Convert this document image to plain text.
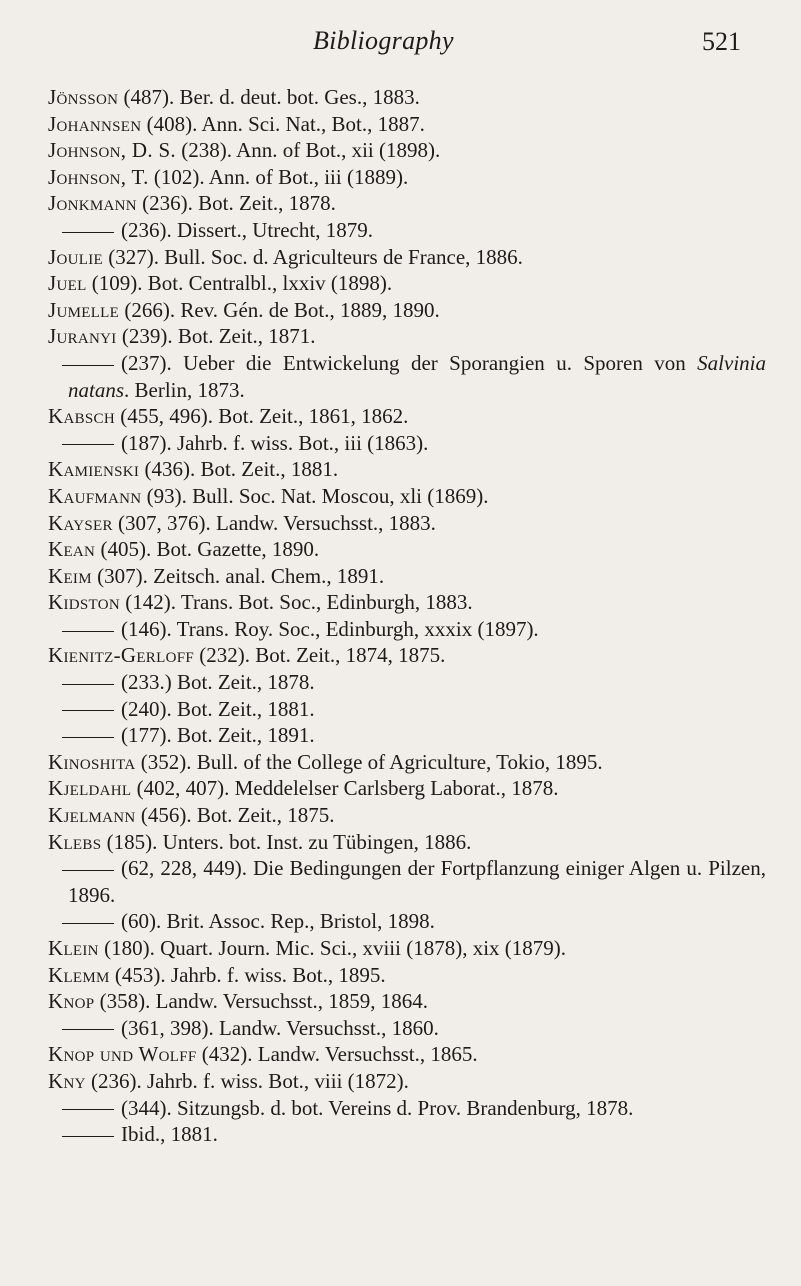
Bibliography	521
Jönsson (487). Ber. d. deut. bot. Ges., 1883.
Johannsen (408). Ann. Sci. Nat., Bot., 1887.
Johnson, D. S. (238). Ann. of Bot., xii (1898).
Johnson, T. (102). Ann. of Bot., iii (1889).
Jonkmann (236). Bot. Zeit., 1878.
(236). Dissert., Utrecht, 1879.
Joulie (327). Bull. Soc. d. Agriculteurs de France, 1886.
Juel (109). Bot. Centralbl., lxxiv (1898).
Jumelle (266). Rev. Gén. de Bot., 1889, 1890.
Juranyi (239). Bot. Zeit., 1871.
(237). Ueber die Entwickelung der Sporangien u. Sporen von Salvinia natans. Berlin, 1873.
Kabsch (455, 496). Bot. Zeit., 1861, 1862.
(187). Jahrb. f. wiss. Bot., iii (1863).
Kamienski (436). Bot. Zeit., 1881.
Kaufmann (93). Bull. Soc. Nat. Moscou, xli (1869).
Kayser (307, 376). Landw. Versuchsst., 1883.
Kean (405). Bot. Gazette, 1890.
Keim (307). Zeitsch. anal. Chem., 1891.
Kidston (142). Trans. Bot. Soc., Edinburgh, 1883.
(146). Trans. Roy. Soc., Edinburgh, xxxix (1897).
Kienitz-Gerloff (232). Bot. Zeit., 1874, 1875.
(233.) Bot. Zeit., 1878.
(240). Bot. Zeit., 1881.
(177). Bot. Zeit., 1891.
Kinoshita (352). Bull. of the College of Agriculture, Tokio, 1895.
Kjeldahl (402, 407). Meddelelser Carlsberg Laborat., 1878.
Kjelmann (456). Bot. Zeit., 1875.
Klebs (185). Unters. bot. Inst. zu Tübingen, 1886.
(62, 228, 449). Die Bedingungen der Fortpflanzung einiger Algen u. Pilzen, 1896.
(60). Brit. Assoc. Rep., Bristol, 1898.
Klein (180). Quart. Journ. Mic. Sci., xviii (1878), xix (1879).
Klemm (453). Jahrb. f. wiss. Bot., 1895.
Knop (358). Landw. Versuchsst., 1859, 1864.
(361, 398). Landw. Versuchsst., 1860.
Knop und Wolff (432). Landw. Versuchsst., 1865.
Kny (236). Jahrb. f. wiss. Bot., viii (1872).
(344). Sitzungsb. d. bot. Vereins d. Prov. Brandenburg, 1878.
Ibid., 1881.
